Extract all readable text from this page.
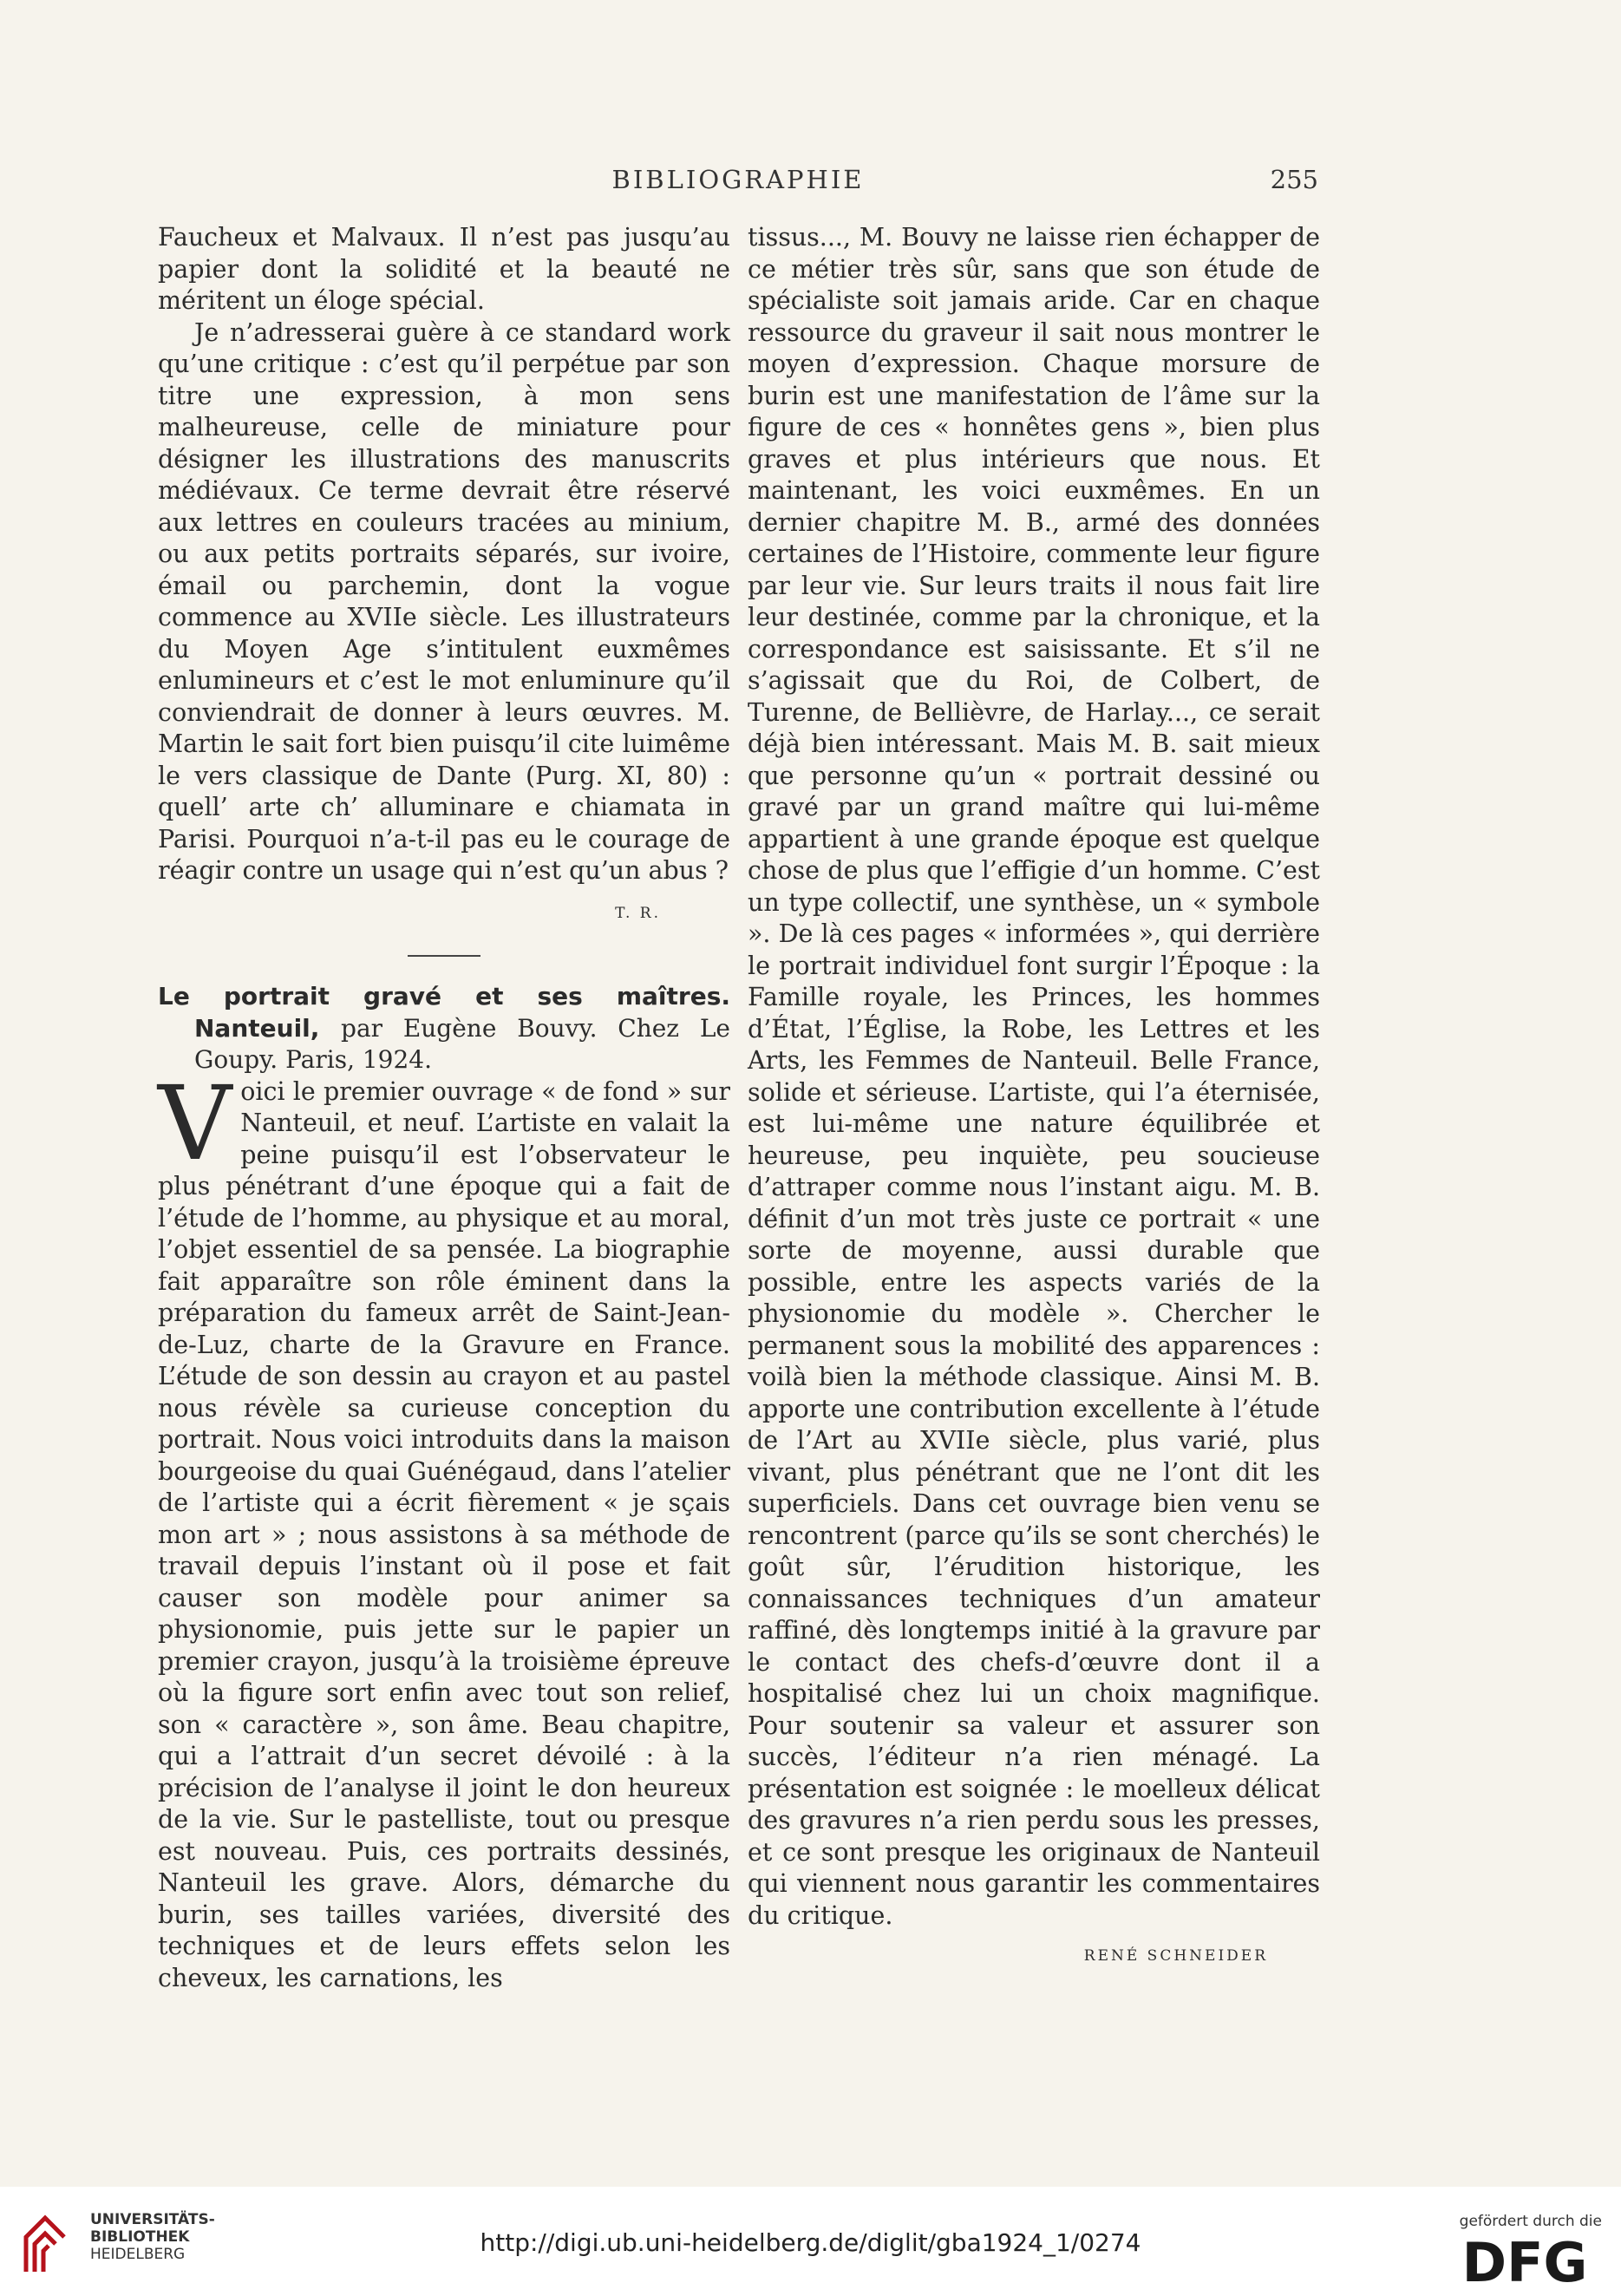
BIBLIOGRAPHIE	255

Faucheux et Malvaux. Il n’est pas jusqu’au papier dont la solidité et la beauté ne méritent un éloge spécial.

Je n’adresserai guère à ce standard work qu’une critique : c’est qu’il perpétue par son titre une expression, à mon sens malheureuse, celle de miniature pour désigner les illustrations des manuscrits médiévaux. Ce terme devrait être réservé aux lettres en couleurs tracées au minium, ou aux petits portraits séparés, sur ivoire, émail ou parchemin, dont la vogue commence au XVIIe siècle. Les illustrateurs du Moyen Age s’intitulent euxmêmes enlumineurs et c’est le mot enluminure qu’il conviendrait de donner à leurs œuvres. M. Martin le sait fort bien puisqu’il cite luimême le vers classique de Dante (Purg. XI, 80) : quell’ arte ch’ alluminare e chiamata in Parisi. Pourquoi n’a-t-il pas eu le courage de réagir contre un usage qui n’est qu’un abus ?

T. R.

Le portrait gravé et ses maîtres. Nanteuil, par Eugène Bouvy. Chez Le Goupy. Paris, 1924.

Voici le premier ouvrage « de fond » sur Nanteuil, et neuf. L’artiste en valait la peine puisqu’il est l’observateur le plus pénétrant d’une époque qui a fait de l’étude de l’homme, au physique et au moral, l’objet essentiel de sa pensée. La biographie fait apparaître son rôle éminent dans la préparation du fameux arrêt de Saint-Jean-de-Luz, charte de la Gravure en France. L’étude de son dessin au crayon et au pastel nous révèle sa curieuse conception du portrait. Nous voici introduits dans la maison bourgeoise du quai Guénégaud, dans l’atelier de l’artiste qui a écrit fièrement « je sçais mon art » ; nous assistons à sa méthode de travail depuis l’instant où il pose et fait causer son modèle pour animer sa physionomie, puis jette sur le papier un premier crayon, jusqu’à la troisième épreuve où la figure sort enfin avec tout son relief, son « caractère », son âme. Beau chapitre, qui a l’attrait d’un secret dévoilé : à la précision de l’analyse il joint le don heureux de la vie. Sur le pastelliste, tout ou presque est nouveau. Puis, ces portraits dessinés, Nanteuil les grave. Alors, démarche du burin, ses tailles variées, diversité des techniques et de leurs effets selon les cheveux, les carnations, les

tissus..., M. Bouvy ne laisse rien échapper de ce métier très sûr, sans que son étude de spécialiste soit jamais aride. Car en chaque ressource du graveur il sait nous montrer le moyen d’expression. Chaque morsure de burin est une manifestation de l’âme sur la figure de ces « honnêtes gens », bien plus graves et plus intérieurs que nous. Et maintenant, les voici euxmêmes. En un dernier chapitre M. B., armé des données certaines de l’Histoire, commente leur figure par leur vie. Sur leurs traits il nous fait lire leur destinée, comme par la chronique, et la correspondance est saisissante. Et s’il ne s’agissait que du Roi, de Colbert, de Turenne, de Bellièvre, de Harlay..., ce serait déjà bien intéressant. Mais M. B. sait mieux que personne qu’un « portrait dessiné ou gravé par un grand maître qui lui-même appartient à une grande époque est quelque chose de plus que l’effigie d’un homme. C’est un type collectif, une synthèse, un « symbole ». De là ces pages « informées », qui derrière le portrait individuel font surgir l’Époque : la Famille royale, les Princes, les hommes d’État, l’Église, la Robe, les Lettres et les Arts, les Femmes de Nanteuil. Belle France, solide et sérieuse. L’artiste, qui l’a éternisée, est lui-même une nature équilibrée et heureuse, peu inquiète, peu soucieuse d’attraper comme nous l’instant aigu. M. B. définit d’un mot très juste ce portrait « une sorte de moyenne, aussi durable que possible, entre les aspects variés de la physionomie du modèle ». Chercher le permanent sous la mobilité des apparences : voilà bien la méthode classique. Ainsi M. B. apporte une contribution excellente à l’étude de l’Art au XVIIe siècle, plus varié, plus vivant, plus pénétrant que ne l’ont dit les superficiels. Dans cet ouvrage bien venu se rencontrent (parce qu’ils se sont cherchés) le goût sûr, l’érudition historique, les connaissances techniques d’un amateur raffiné, dès longtemps initié à la gravure par le contact des chefs-d’œuvre dont il a hospitalisé chez lui un choix magnifique. Pour soutenir sa valeur et assurer son succès, l’éditeur n’a rien ménagé. La présentation est soignée : le moelleux délicat des gravures n’a rien perdu sous les presses, et ce sont presque les originaux de Nanteuil qui viennent nous garantir les commentaires du critique.

RENÉ SCHNEIDER
UNIVERSITÄTS-
BIBLIOTHEK
HEIDELBERG	http://digi.ub.uni-heidelberg.de/diglit/gba1924_1/0274
gefördert durch die
DFG
